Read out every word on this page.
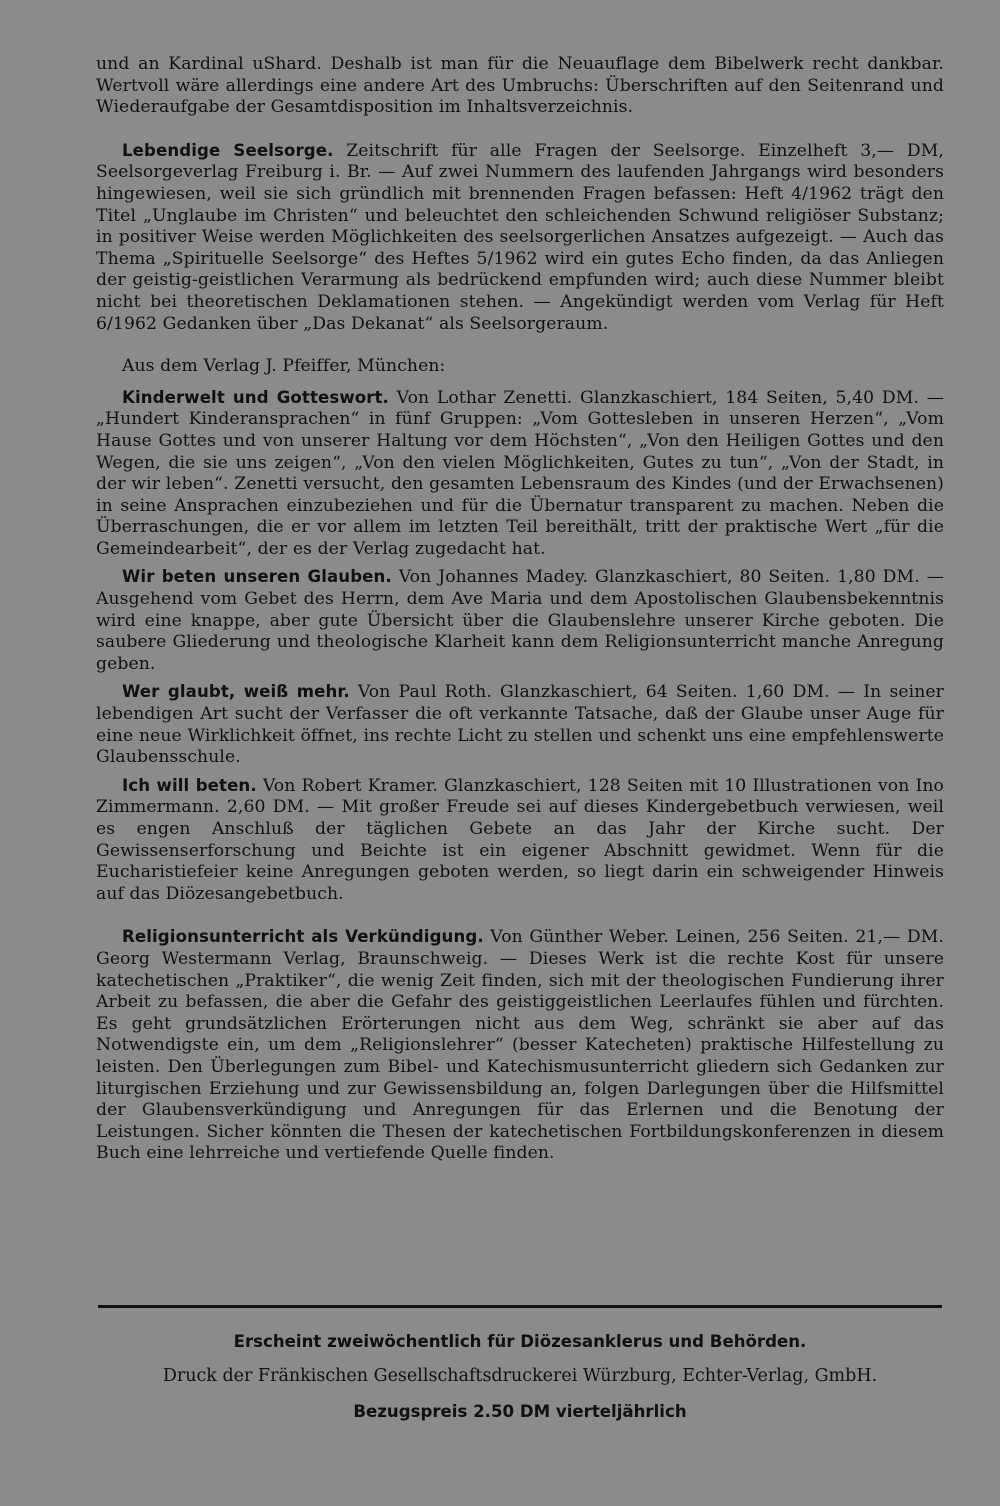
und an Kardinal uShard. Deshalb ist man für die Neuauflage dem Bibelwerk recht dankbar. Wertvoll wäre allerdings eine andere Art des Umbruchs: Überschriften auf den Seitenrand und Wiederaufgabe der Gesamtdisposition im Inhaltsverzeichnis.

Lebendige Seelsorge. Zeitschrift für alle Fragen der Seelsorge. Einzelheft 3,— DM, Seelsorgeverlag Freiburg i. Br. — Auf zwei Nummern des laufenden Jahrgangs wird besonders hingewiesen, weil sie sich gründlich mit brennenden Fragen befassen: Heft 4/1962 trägt den Titel „Unglaube im Christen“ und beleuchtet den schleichenden Schwund religiöser Substanz; in positiver Weise werden Möglichkeiten des seelsorgerlichen Ansatzes aufgezeigt. — Auch das Thema „Spirituelle Seelsorge“ des Heftes 5/1962 wird ein gutes Echo finden, da das Anliegen der geistig-geistlichen Verarmung als bedrückend empfunden wird; auch diese Nummer bleibt nicht bei theoretischen Deklamationen stehen. — Angekündigt werden vom Verlag für Heft 6/1962 Gedanken über „Das Dekanat“ als Seelsorgeraum.

Aus dem Verlag J. Pfeiffer, München:

Kinderwelt und Gotteswort. Von Lothar Zenetti. Glanzkaschiert, 184 Seiten, 5,40 DM. — „Hundert Kinderansprachen“ in fünf Gruppen: „Vom Gottesleben in unseren Herzen“, „Vom Hause Gottes und von unserer Haltung vor dem Höchsten“, „Von den Heiligen Gottes und den Wegen, die sie uns zeigen“, „Von den vielen Möglichkeiten, Gutes zu tun“, „Von der Stadt, in der wir leben“. Zenetti versucht, den gesamten Lebensraum des Kindes (und der Erwachsenen) in seine Ansprachen einzubeziehen und für die Übernatur transparent zu machen. Neben die Überraschungen, die er vor allem im letzten Teil bereithält, tritt der praktische Wert „für die Gemeindearbeit“, der es der Verlag zugedacht hat.

Wir beten unseren Glauben. Von Johannes Madey. Glanzkaschiert, 80 Seiten. 1,80 DM. — Ausgehend vom Gebet des Herrn, dem Ave Maria und dem Apostolischen Glaubensbekenntnis wird eine knappe, aber gute Übersicht über die Glaubenslehre unserer Kirche geboten. Die saubere Gliederung und theologische Klarheit kann dem Religionsunterricht manche Anregung geben.

Wer glaubt, weiß mehr. Von Paul Roth. Glanzkaschiert, 64 Seiten. 1,60 DM. — In seiner lebendigen Art sucht der Verfasser die oft verkannte Tatsache, daß der Glaube unser Auge für eine neue Wirklichkeit öffnet, ins rechte Licht zu stellen und schenkt uns eine empfehlenswerte Glaubensschule.

Ich will beten. Von Robert Kramer. Glanzkaschiert, 128 Seiten mit 10 Illustrationen von Ino Zimmermann. 2,60 DM. — Mit großer Freude sei auf dieses Kindergebetbuch verwiesen, weil es engen Anschluß der täglichen Gebete an das Jahr der Kirche sucht. Der Gewissenserforschung und Beichte ist ein eigener Abschnitt gewidmet. Wenn für die Eucharistiefeier keine Anregungen geboten werden, so liegt darin ein schweigender Hinweis auf das Diözesangebetbuch.

Religionsunterricht als Verkündigung. Von Günther Weber. Leinen, 256 Seiten. 21,— DM. Georg Westermann Verlag, Braunschweig. — Dieses Werk ist die rechte Kost für unsere katechetischen „Praktiker“, die wenig Zeit finden, sich mit der theologischen Fundierung ihrer Arbeit zu befassen, die aber die Gefahr des geistiggeistlichen Leerlaufes fühlen und fürchten. Es geht grundsätzlichen Erörterungen nicht aus dem Weg, schränkt sie aber auf das Notwendigste ein, um dem „Religionslehrer“ (besser Katecheten) praktische Hilfestellung zu leisten. Den Überlegungen zum Bibel- und Katechismusunterricht gliedern sich Gedanken zur liturgischen Erziehung und zur Gewissensbildung an, folgen Darlegungen über die Hilfsmittel der Glaubensverkündigung und Anregungen für das Erlernen und die Benotung der Leistungen. Sicher könnten die Thesen der katechetischen Fortbildungskonferenzen in diesem Buch eine lehrreiche und vertiefende Quelle finden.

Erscheint zweiwöchentlich für Diözesanklerus und Behörden.
Druck der Fränkischen Gesellschaftsdruckerei Würzburg, Echter-Verlag, GmbH.
Bezugspreis 2.50 DM vierteljährlich
